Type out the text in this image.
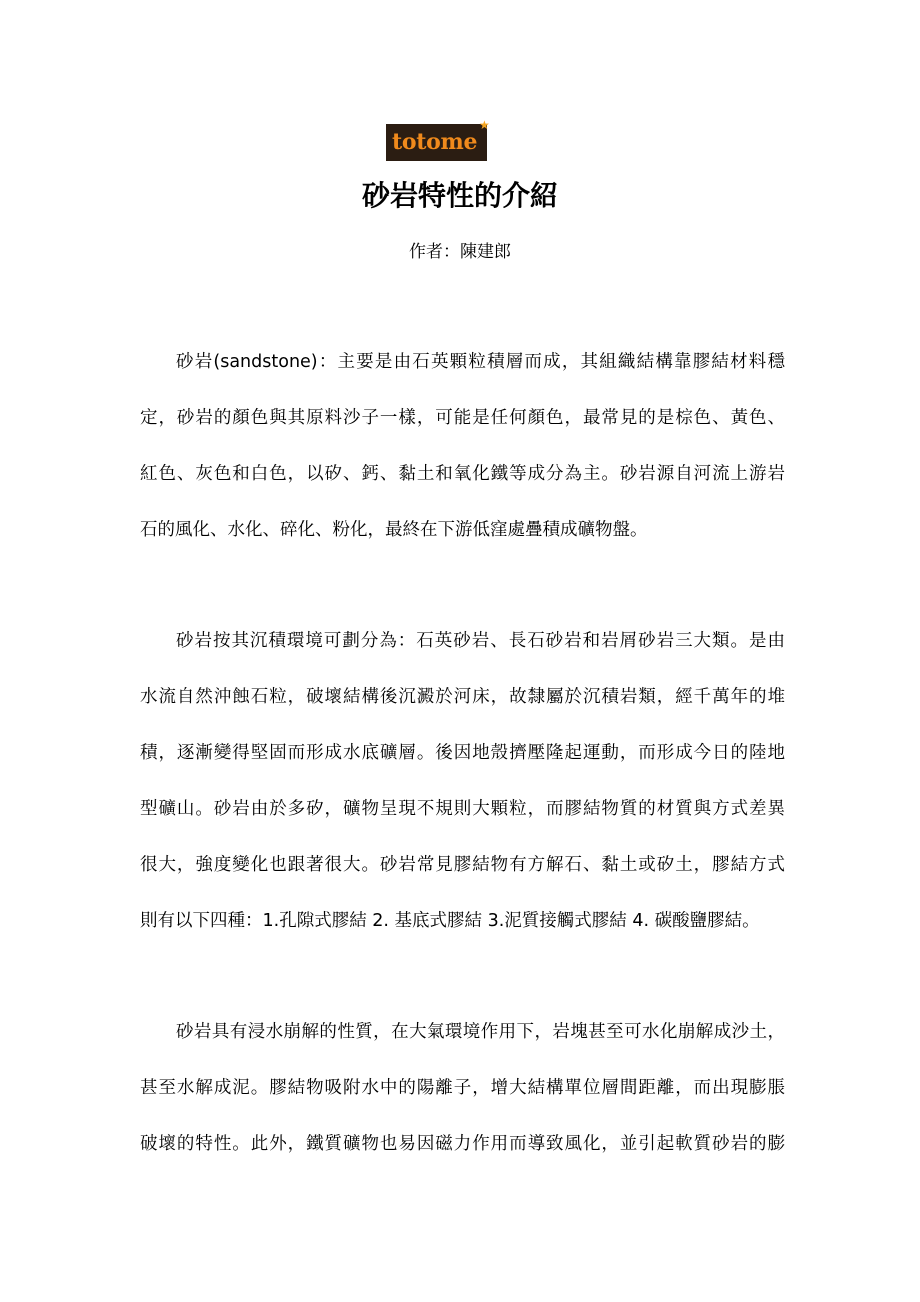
totome
★
砂岩特性的介紹
作者：陳建郎
砂岩(sandstone)：主要是由石英顆粒積層而成，其組織結構靠膠結材料穩
定，砂岩的顏色與其原料沙子一樣，可能是任何顏色，最常見的是棕色、黃色、
紅色、灰色和白色，以矽、鈣、黏土和氧化鐵等成分為主。砂岩源自河流上游岩
石的風化、水化、碎化、粉化，最終在下游低窪處疊積成礦物盤。
砂岩按其沉積環境可劃分為：石英砂岩、長石砂岩和岩屑砂岩三大類。是由
水流自然沖蝕石粒，破壞結構後沉澱於河床，故隸屬於沉積岩類，經千萬年的堆
積，逐漸變得堅固而形成水底礦層。後因地殼擠壓隆起運動，而形成今日的陸地
型礦山。砂岩由於多矽，礦物呈現不規則大顆粒，而膠結物質的材質與方式差異
很大，強度變化也跟著很大。砂岩常見膠結物有方解石、黏土或矽土，膠結方式
則有以下四種：1.孔隙式膠結 2. 基底式膠結 3.泥質接觸式膠結 4. 碳酸鹽膠結。
砂岩具有浸水崩解的性質，在大氣環境作用下，岩塊甚至可水化崩解成沙土，
甚至水解成泥。膠結物吸附水中的陽離子，增大結構單位層間距離，而出現膨脹
破壞的特性。此外，鐵質礦物也易因磁力作用而導致風化，並引起軟質砂岩的膨
